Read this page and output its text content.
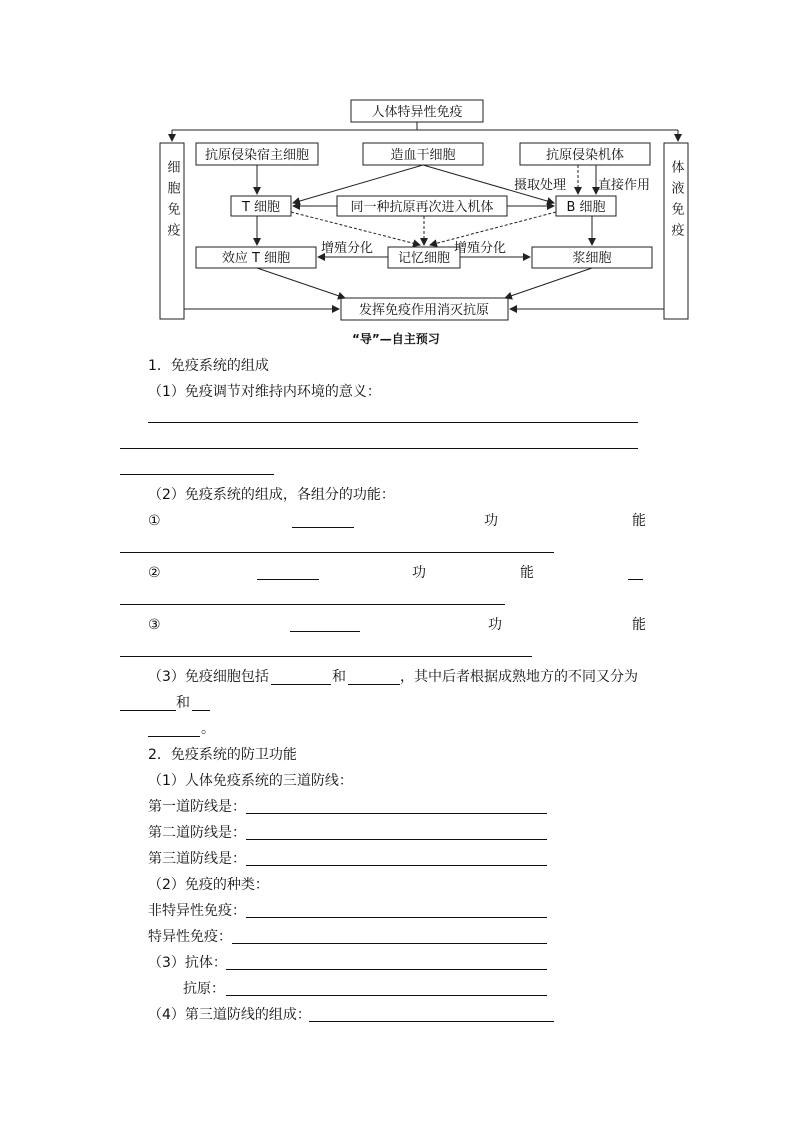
人体特异性免疫
细胞免疫	体液免疫
抗原侵染宿主细胞	造血干细胞	抗原侵染机体
T 细胞	同一种抗原再次进入机体	B 细胞
效应 T 细胞	记忆细胞	浆细胞
发挥免疫作用消灭抗原
摄取处理 直接作用
增殖分化	增殖分化
“导”—自主预习
1．免疫系统的组成
（1）免疫调节对维持内环境的意义：
（2）免疫系统的组成，各组分的功能：
①	功	能
②	功	能
③	功	能
（3）免疫细胞包括	和	，其中后者根据成熟地方的不同又分为
和
。
2．免疫系统的防卫功能
（1）人体免疫系统的三道防线：
第一道防线是：
第二道防线是：
第三道防线是：
（2）免疫的种类：
非特异性免疫：
特异性免疫：
（3）抗体：
抗原：
（4）第三道防线的组成：
